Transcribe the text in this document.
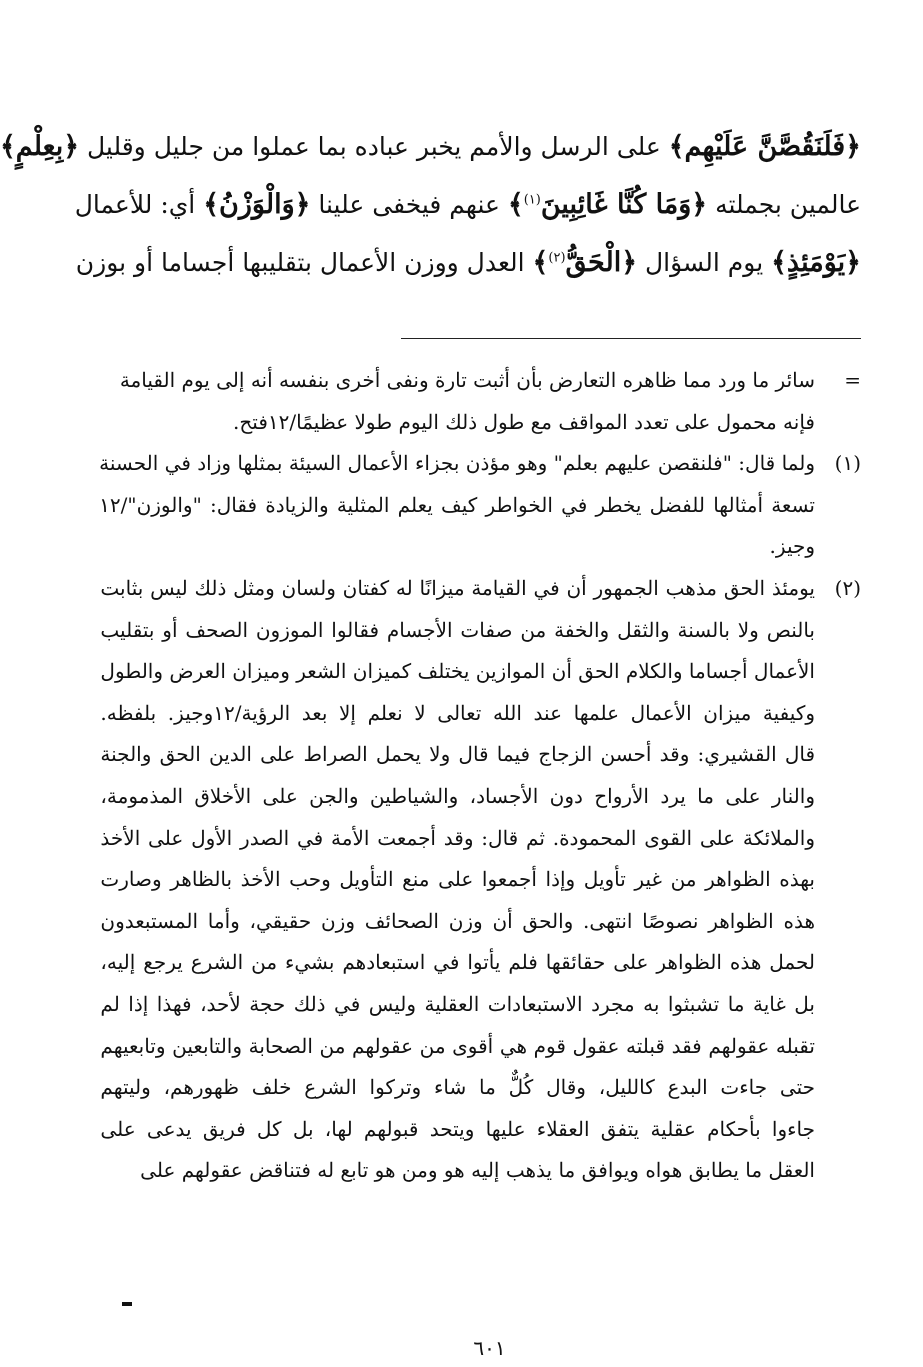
﴿فَلَنَقُصَّنَّ عَلَيْهِم﴾ على الرسل والأمم يخبر عباده بما عملوا من جليل وقليل ﴿بِعِلْمٍ﴾
عالمين بجملته ﴿وَمَا كُنَّا غَائِبِينَ$^{(١)}$﴾ عنهم فيخفى علينا ﴿وَالْوَزْنُ﴾ أي: للأعمال
﴿يَوْمَئِذٍ﴾ يوم السؤال ﴿الْحَقُّ$^{(٢)}$﴾ العدل ووزن الأعمال بتقليبها أجساما أو بوزن
=
سائر ما ورد مما ظاهره التعارض بأن أثبت تارة ونفى أخرى بنفسه أنه إلى يوم القيامة
فإنه محمول على تعدد المواقف مع طول ذلك اليوم طولا عظيمًا/١٢فتح.
(١)
ولما قال: "فلنقصن عليهم بعلم" وهو مؤذن بجزاء الأعمال السيئة بمثلها وزاد في الحسنة
تسعة أمثالها للفضل يخطر في الخواطر كيف يعلم المثلية والزيادة فقال: "والوزن"/١٢
وجيز.
(٢)
يومئذ الحق مذهب الجمهور أن في القيامة ميزانًا له كفتان ولسان ومثل ذلك ليس بثابت
بالنص ولا بالسنة والثقل والخفة من صفات الأجسام فقالوا الموزون الصحف أو بتقليب
الأعمال أجساما والكلام الحق أن الموازين يختلف كميزان الشعر وميزان العرض والطول
وكيفية ميزان الأعمال علمها عند الله تعالى لا نعلم إلا بعد الرؤية/١٢وجيز. بلفظه.
قال القشيري: وقد أحسن الزجاج فيما قال ولا يحمل الصراط على الدين الحق والجنة
والنار على ما يرد الأرواح دون الأجساد، والشياطين والجن على الأخلاق المذمومة،
والملائكة على القوى المحمودة. ثم قال: وقد أجمعت الأمة في الصدر الأول على الأخذ
بهذه الظواهر من غير تأويل وإذا أجمعوا على منع التأويل وحب الأخذ بالظاهر وصارت
هذه الظواهر نصوصًا انتهى. والحق أن وزن الصحائف وزن حقيقي، وأما المستبعدون
لحمل هذه الظواهر على حقائقها فلم يأتوا في استبعادهم بشيء من الشرع يرجع إليه،
بل غاية ما تشبثوا به مجرد الاستبعادات العقلية وليس في ذلك حجة لأحد، فهذا إذا لم
تقبله عقولهم فقد قبلته عقول قوم هي أقوى من عقولهم من الصحابة والتابعين وتابعيهم
حتى جاءت البدع كالليل، وقال كُلٌّ ما شاء وتركوا الشرع خلف ظهورهم، وليتهم
جاءوا بأحكام عقلية يتفق العقلاء عليها ويتحد قبولهم لها، بل كل فريق يدعى على
العقل ما يطابق هواه ويوافق ما يذهب إليه هو ومن هو تابع له فتناقض عقولهم على
٦٠١
